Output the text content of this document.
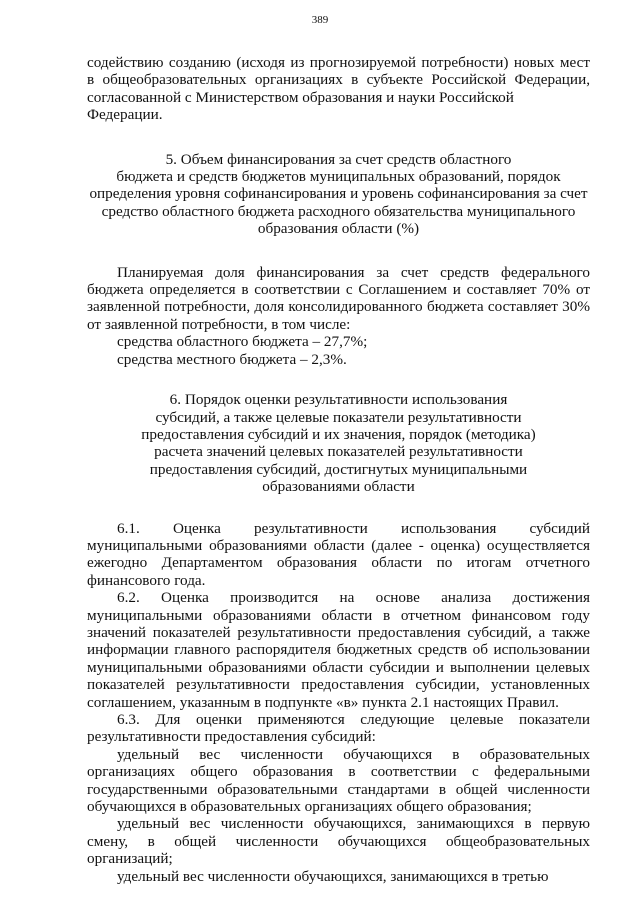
389

содействию созданию (исходя из прогнозируемой потребности) новых мест в общеобразовательных организациях в субъекте Российской Федерации, согласованной с Министерством образования и науки Российской

Федерации.

5. Объем финансирования за счет средств областного
бюджета и средств бюджетов муниципальных образований, порядок
определения уровня софинансирования и уровень софинансирования за счет
средство областного бюджета расходного обязательства муниципального
образования области (%)

Планируемая доля финансирования за счет средств федерального бюджета определяется в соответствии с Соглашением и составляет 70% от заявленной потребности, доля консолидированного бюджета составляет 30% от заявленной потребности, в том числе:

средства областного бюджета – 27,7%;

средства местного бюджета – 2,3%.

6. Порядок оценки результативности использования
субсидий, а также целевые показатели результативности
предоставления субсидий и их значения, порядок (методика)
расчета значений целевых показателей результативности
предоставления субсидий, достигнутых муниципальными
образованиями области

6.1. Оценка результативности использования субсидий муниципальными образованиями области (далее - оценка) осуществляется ежегодно Департаментом образования области по итогам отчетного финансового года.

6.2. Оценка производится на основе анализа достижения муниципальными образованиями области в отчетном финансовом году значений показателей результативности предоставления субсидий, а также информации главного распорядителя бюджетных средств об использовании муниципальными образованиями области субсидии и выполнении целевых показателей результативности предоставления субсидии, установленных соглашением, указанным в подпункте «в» пункта 2.1 настоящих Правил.

6.3. Для оценки применяются следующие целевые показатели результативности предоставления субсидий:

удельный вес численности обучающихся в образовательных организациях общего образования в соответствии с федеральными государственными образовательными стандартами в общей численности обучающихся в образовательных организациях общего образования;

удельный вес численности обучающихся, занимающихся в первую смену, в общей численности обучающихся общеобразовательных организаций;

удельный вес численности обучающихся, занимающихся в третью
